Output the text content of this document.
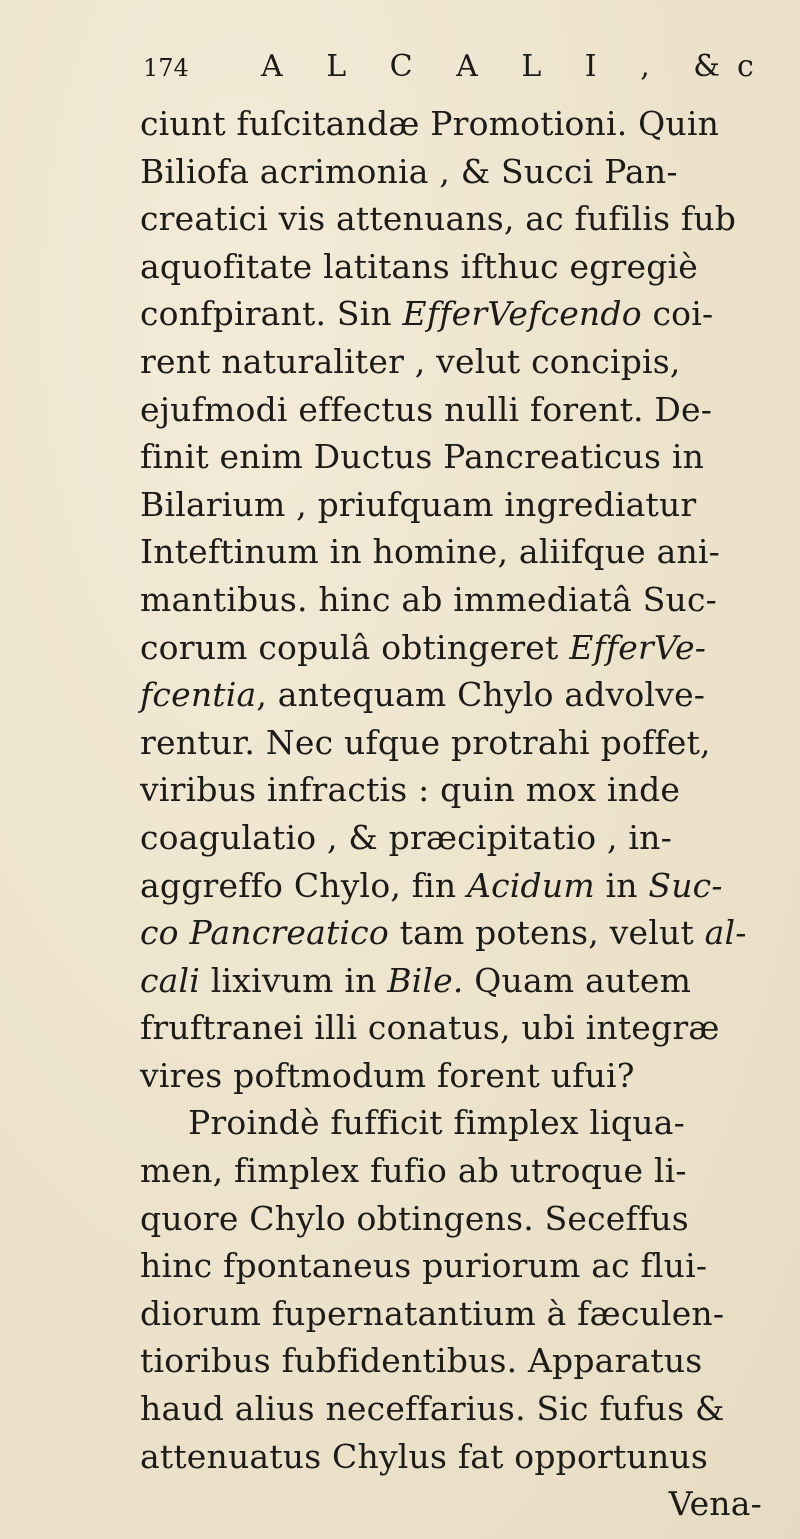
174 A L C A L I , &c
ciunt fuſcitandæ Promotioni. Quin
Biliofa acrimonia , & Succi Pan-
creatici vis attenuans, ac fufilis fub
aquofitate latitans ifthuc egregiè
confpirant. Sin EfferVefcendo coi-
rent naturaliter , velut concipis,
ejufmodi effectus nulli forent. De-
finit enim Ductus Pancreaticus in
Bilarium , priufquam ingrediatur
Inteftinum in homine, aliifque ani-
mantibus. hinc ab immediatâ Suc-
corum copulâ obtingeret EfferVe-
fcentia, antequam Chylo advolve-
rentur. Nec ufque protrahi poffet,
viribus infractis : quin mox inde
coagulatio , & præcipitatio , in-
aggreffo Chylo, fin Acidum in Suc-
co Pancreatico tam potens, velut al-
cali lixivum in Bile. Quam autem
fruftranei illi conatus, ubi integræ
vires poftmodum forent ufui?
Proindè fufficit fimplex liqua-
men, fimplex fufio ab utroque li-
quore Chylo obtingens. Seceffus
hinc fpontaneus puriorum ac flui-
diorum fupernatantium à fæculen-
tioribus fubfidentibus. Apparatus
haud alius neceffarius. Sic fufus &
attenuatus Chylus fat opportunus
Vena-
